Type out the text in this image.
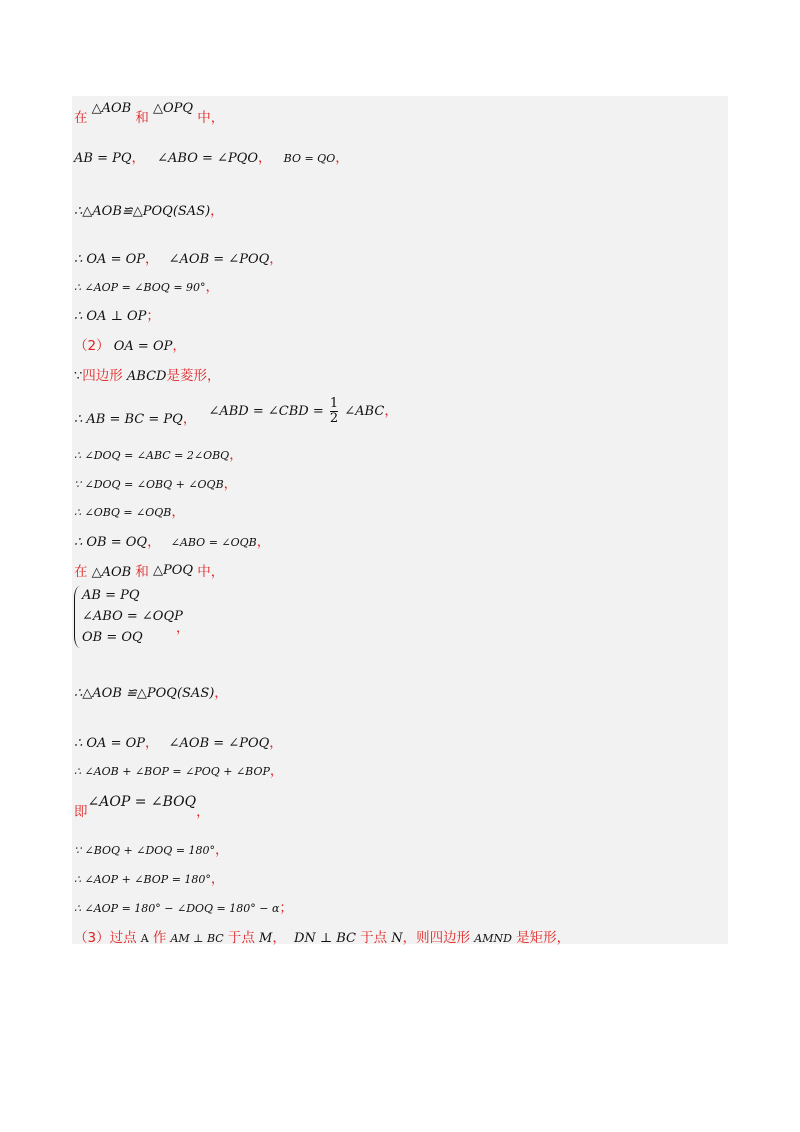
在 △AOB 和 △OPQ 中，
AB = PQ， ∠ABO = ∠PQO， BO = QO，
∴△AOB≌△POQ(SAS)，
∴ OA = OP， ∠AOB = ∠POQ，
∴ ∠AOP = ∠BOQ = 90°，
∴ OA ⊥ OP；
（2） OA = OP，
∵四边形 ABCD是菱形，
∴ AB = BC = PQ， ∠ABD = ∠CBD = $\frac{1}{2}$ ∠ABC，
∴ ∠DOQ = ∠ABC = 2∠OBQ，
∵ ∠DOQ = ∠OBQ + ∠OQB，
∴ ∠OBQ = ∠OQB，
∴ OB = OQ， ∠ABO = ∠OQB，
在 △AOB 和 △POQ 中，
AB = PQ
∠ABO = ∠OQP
OB = OQ
，
∴△AOB ≌△POQ(SAS)，
∴ OA = OP， ∠AOB = ∠POQ，
∴ ∠AOB + ∠BOP = ∠POQ + ∠BOP，
即∠AOP = ∠BOQ，
∵ ∠BOQ + ∠DOQ = 180°，
∴ ∠AOP + ∠BOP = 180°，
∴ ∠AOP = 180° − ∠DOQ = 180° − α；
（3）过点 A 作 AM ⊥ BC 于点 M， DN ⊥ BC 于点 N，则四边形 AMND 是矩形，
